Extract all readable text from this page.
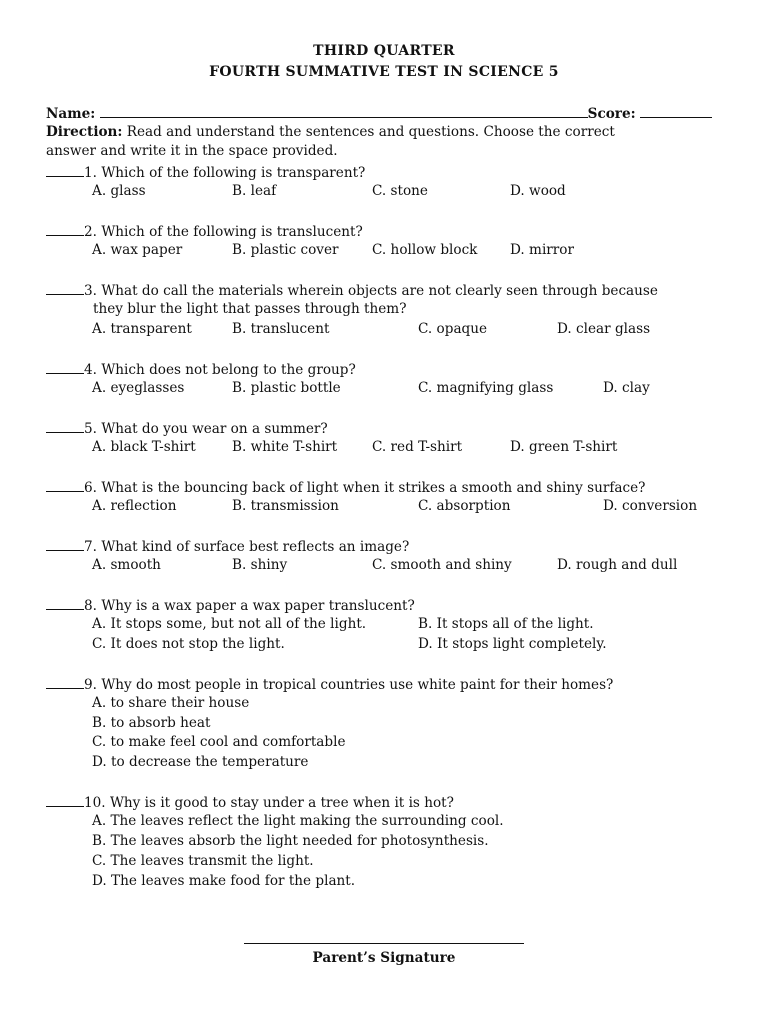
THIRD QUARTER
FOURTH SUMMATIVE TEST IN SCIENCE 5
Name:	Score:
Direction: Read and understand the sentences and questions. Choose the correct
answer and write it in the space provided.
1. Which of the following is transparent?
A. glass	B. leaf	C. stone	D. wood
2. Which of the following is translucent?
A. wax paper	B. plastic cover C. hollow block D. mirror
3. What do call the materials wherein objects are not clearly seen through because
they blur the light that passes through them?
A. transparent	B. translucent	C. opaque	D. clear glass
4. Which does not belong to the group?
A. eyeglasses	B. plastic bottle	C. magnifying glass	D. clay
5. What do you wear on a summer?
A. black T-shirt	B. white T-shirt	C. red T-shirt	D. green T-shirt
6. What is the bouncing back of light when it strikes a smooth and shiny surface?
A. reflection	B. transmission	C. absorption	D. conversion
7. What kind of surface best reflects an image?
A. smooth	B. shiny	C. smooth and shiny	D. rough and dull
8. Why is a wax paper a wax paper translucent?
A. It stops some, but not all of the light.	B. It stops all of the light.
C. It does not stop the light.	D. It stops light completely.
9. Why do most people in tropical countries use white paint for their homes?
A. to share their house
B. to absorb heat
C. to make feel cool and comfortable
D. to decrease the temperature
10. Why is it good to stay under a tree when it is hot?
A. The leaves reflect the light making the surrounding cool.
B. The leaves absorb the light needed for photosynthesis.
C. The leaves transmit the light.
D. The leaves make food for the plant.
Parent’s Signature
